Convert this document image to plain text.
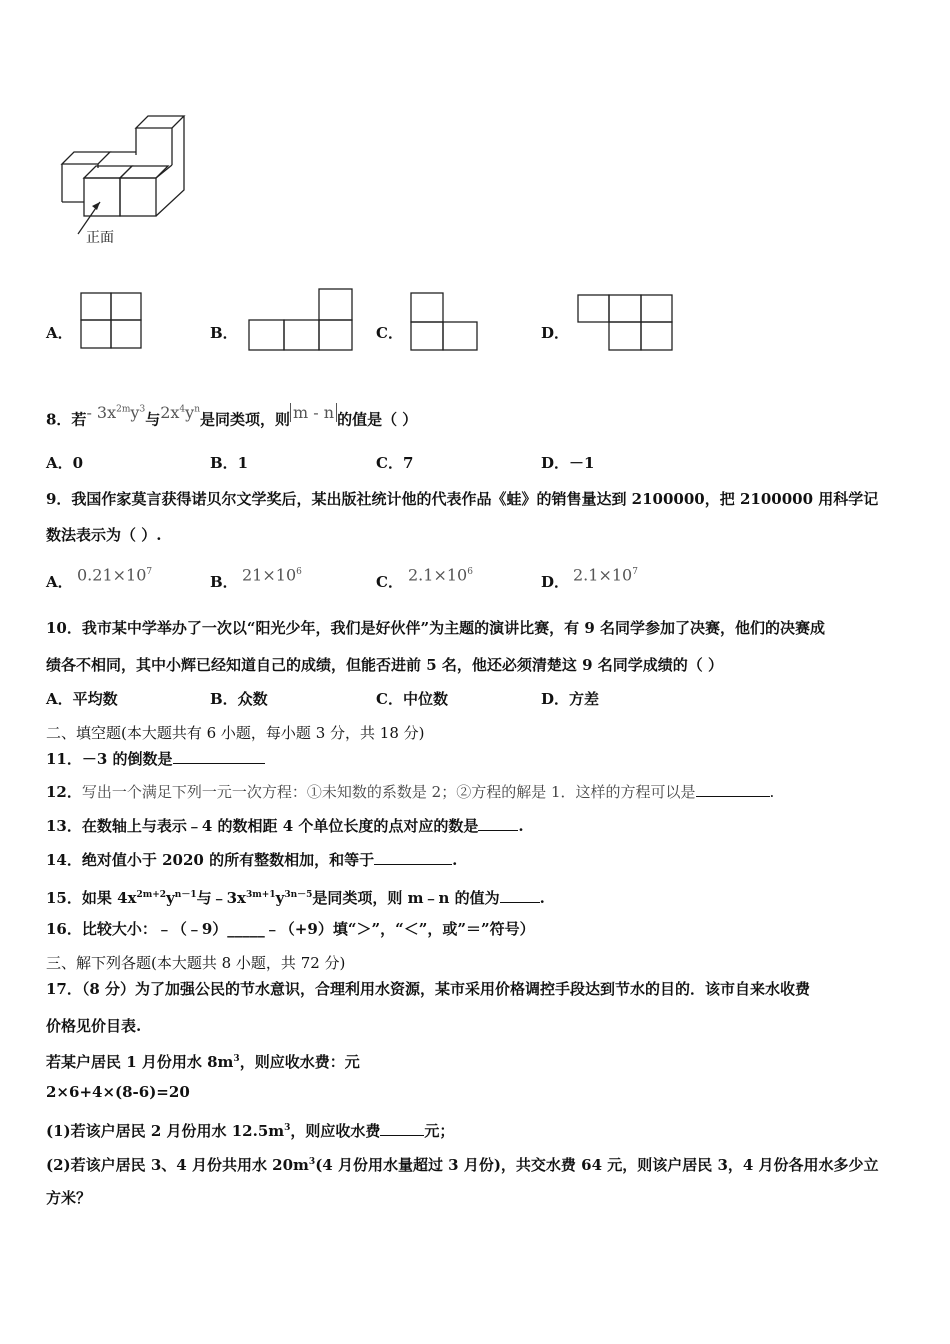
正面
A．	B．	C．	D．
8．若- $3x^{2m}y^3$与$2x^4y^n$是同类项，则 m - n 的值是（ ）
A．0	B．1	C．7	D．－1
9．我国作家莫言获得诺贝尔文学奖后，某出版社统计他的代表作品《蛙》的销售量达到 2100000，把 2100000 用科学记
数法表示为（ ）.
A． $0.21\times 10^7$
B． $21\times 10^6$
C． $2.1\times 10^6$
D． $2.1\times 10^7$
10．我市某中学举办了一次以“阳光少年，我们是好伙伴”为主题的演讲比赛，有 9 名同学参加了决赛，他们的决赛成
绩各不相同，其中小辉已经知道自己的成绩，但能否进前 5 名，他还必须清楚这 9 名同学成绩的（ ）
A．平均数	B．众数	C．中位数	D．方差
二、填空题(本大题共有 6 小题，每小题 3 分，共 18 分)
11．－3 的倒数是
12．写出一个满足下列一元一次方程：①未知数的系数是 2；②方程的解是 1．这样的方程可以是	.
13．在数轴上与表示﹣4 的数相距 4 个单位长度的点对应的数是	.
14．绝对值小于 2020 的所有整数相加，和等于	.
15．如果 $4x^{2m+2}y^{n-1}$与$﹣3x^{3m+1}y^{3n-5}$是同类项，则 m﹣n 的值为	.
16．比较大小：﹣（﹣9）_____﹣（+9）填“＞”，“＜”，或”＝”符号）
三、解下列各题(本大题共 8 小题，共 72 分)
17．（8 分）为了加强公民的节水意识，合理利用水资源，某市采用价格调控手段达到节水的目的．该市自来水收费
价格见价目表.
若某户居民 1 月份用水 $8m^3$，则应收水费：元
2×6+4×(8-6)=20
(1)若该户居民 2 月份用水 $12.5m^3$，则应收水费	元；
(2)若该户居民 3、4 月份共用水 $20m^3(4$ 月份用水量超过 3 月份)，共交水费 64 元，则该户居民 3，4 月份各用水多少立
方米？
